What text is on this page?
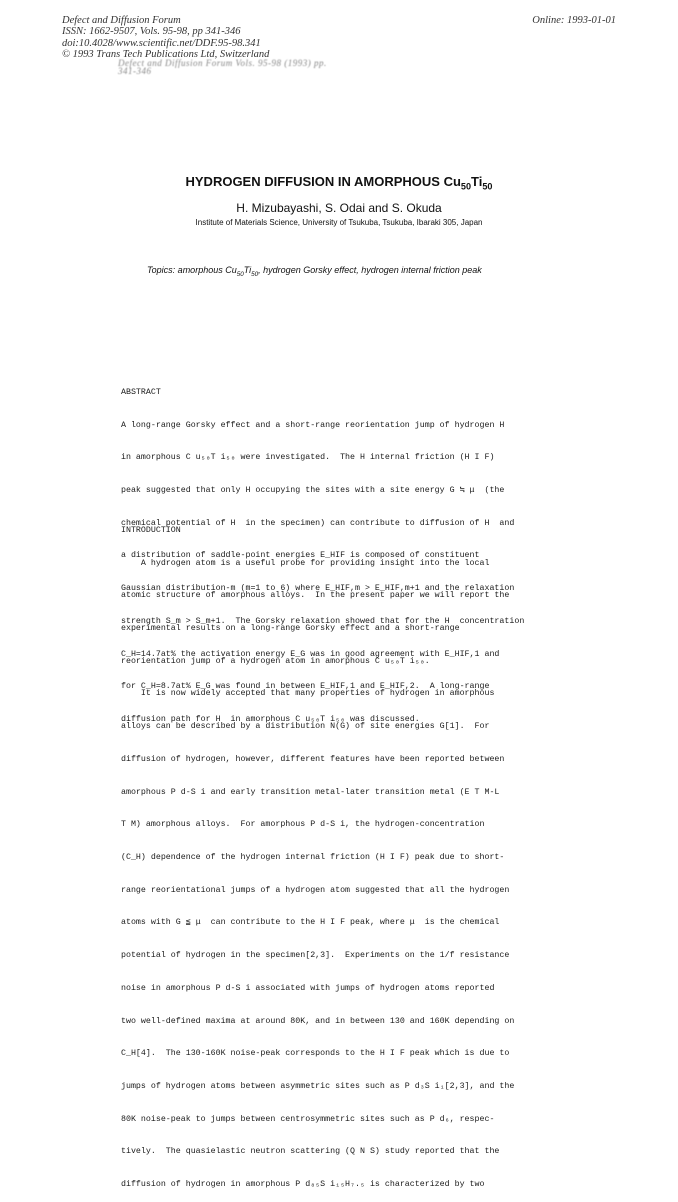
Defect and Diffusion Forum
ISSN: 1662-9507, Vols. 95-98, pp 341-346
doi:10.4028/www.scientific.net/DDF.95-98.341
© 1993 Trans Tech Publications Ltd, Switzerland
Online: 1993-01-01
Defect and Diffusion Forum Vols. 95-98 (1993) pp. 341-346
HYDROGEN DIFFUSION IN AMORPHOUS $Cu_{50}Ti_{50}$
H. Mizubayashi, S. Odai and S. Okuda
Institute of Materials Science, University of Tsukuba, Tsukuba, Ibaraki 305, Japan
Topics: amorphous $Cu_{50}Ti_{50}$, hydrogen Gorsky effect, hydrogen internal friction peak

ABSTRACT

A long-range Gorsky effect and a short-range reorientation jump of hydrogen H

in amorphous C u₅₀T i₅₀ were investigated.  The H internal friction (H I F)

peak suggested that only H occupying the sites with a site energy G ≒ μ  (the

chemical potential of H  in the specimen) can contribute to diffusion of H  and

a distribution of saddle-point energies E_HIF is composed of constituent

Gaussian distribution-m (m=1 to 6) where E_HIF,m > E_HIF,m+1 and the relaxation

strength S_m > S_m+1.  The Gorsky relaxation showed that for the H  concentration

C_H=14.7at% the activation energy E_G was in good agreement with E_HIF,1 and

for C_H=8.7at% E_G was found in between E_HIF,1 and E_HIF,2.  A long-range

diffusion path for H  in amorphous C u₅₀T i₅₀ was discussed.

INTRODUCTION

A hydrogen atom is a useful probe for providing insight into the local

atomic structure of amorphous alloys.  In the present paper we will report the

experimental results on a long-range Gorsky effect and a short-range

reorientation jump of a hydrogen atom in amorphous C u₅₀T i₅₀.

It is now widely accepted that many properties of hydrogen in amorphous

alloys can be described by a distribution N(G) of site energies G[1].  For

diffusion of hydrogen, however, different features have been reported between

amorphous P d-S i and early transition metal-later transition metal (E T M-L

T M) amorphous alloys.  For amorphous P d-S i, the hydrogen-concentration

(C_H) dependence of the hydrogen internal friction (H I F) peak due to short-

range reorientational jumps of a hydrogen atom suggested that all the hydrogen

atoms with G ≦ μ  can contribute to the H I F peak, where μ  is the chemical

potential of hydrogen in the specimen[2,3].  Experiments on the 1/f resistance

noise in amorphous P d-S i associated with jumps of hydrogen atoms reported

two well-defined maxima at around 80K, and in between 130 and 160K depending on

C_H[4].  The 130-160K noise-peak corresponds to the H I F peak which is due to

jumps of hydrogen atoms between asymmetric sites such as P d₃S i₁[2,3], and the

80K noise-peak to jumps between centrosymmetric sites such as P d₆, respec-

tively.  The quasielastic neutron scattering (Q N S) study reported that the

diffusion of hydrogen in amorphous P d₈₅S i₁₅H₇.₅ is characterized by two
